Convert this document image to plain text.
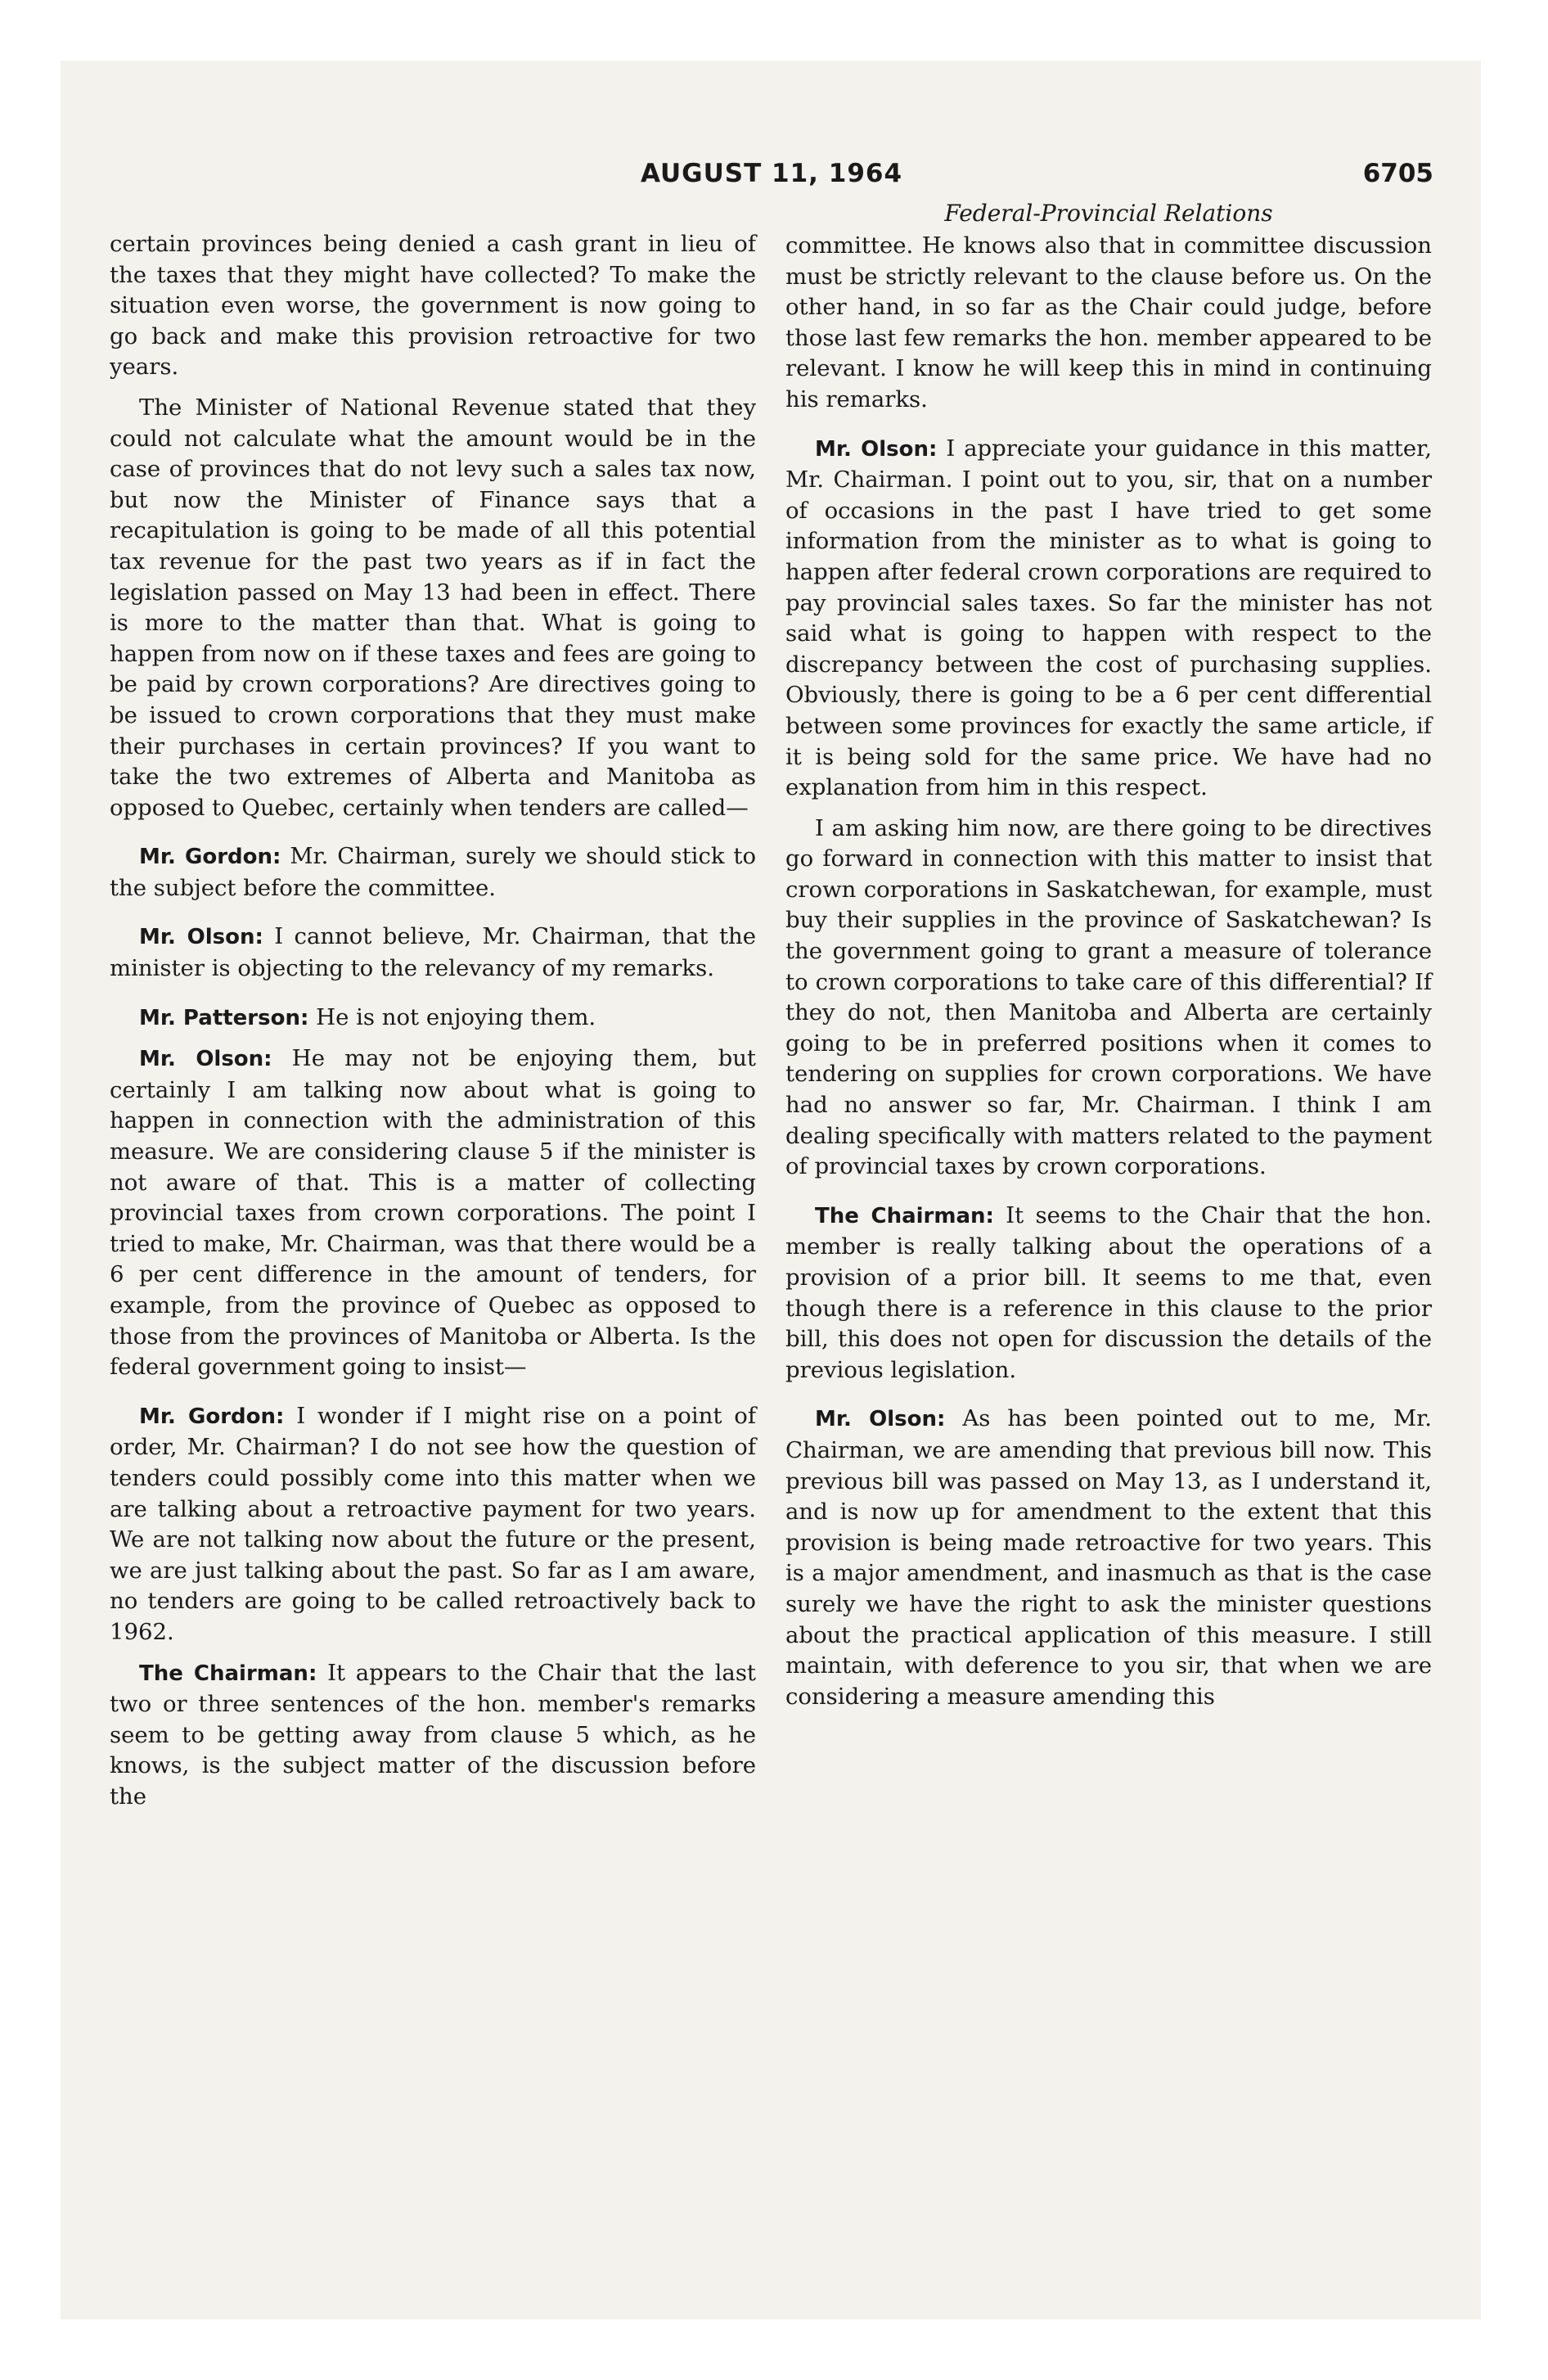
AUGUST 11, 1964	6705

certain provinces being denied a cash grant in lieu of the taxes that they might have collected? To make the situation even worse, the government is now going to go back and make this provision retroactive for two years.

The Minister of National Revenue stated that they could not calculate what the amount would be in the case of provinces that do not levy such a sales tax now, but now the Minister of Finance says that a recapitulation is going to be made of all this potential tax revenue for the past two years as if in fact the legislation passed on May 13 had been in effect. There is more to the matter than that. What is going to happen from now on if these taxes and fees are going to be paid by crown corporations? Are directives going to be issued to crown corporations that they must make their purchases in certain provinces? If you want to take the two extremes of Alberta and Manitoba as opposed to Quebec, certainly when tenders are called—

Mr. Gordon: Mr. Chairman, surely we should stick to the subject before the committee.

Mr. Olson: I cannot believe, Mr. Chairman, that the minister is objecting to the relevancy of my remarks.

Mr. Patterson: He is not enjoying them.

Mr. Olson: He may not be enjoying them, but certainly I am talking now about what is going to happen in connection with the administration of this measure. We are considering clause 5 if the minister is not aware of that. This is a matter of collecting provincial taxes from crown corporations. The point I tried to make, Mr. Chairman, was that there would be a 6 per cent difference in the amount of tenders, for example, from the province of Quebec as opposed to those from the provinces of Manitoba or Alberta. Is the federal government going to insist—

Mr. Gordon: I wonder if I might rise on a point of order, Mr. Chairman? I do not see how the question of tenders could possibly come into this matter when we are talking about a retroactive payment for two years. We are not talking now about the future or the present, we are just talking about the past. So far as I am aware, no tenders are going to be called retroactively back to 1962.

The Chairman: It appears to the Chair that the last two or three sentences of the hon. member's remarks seem to be getting away from clause 5 which, as he knows, is the subject matter of the discussion before the

Federal-Provincial Relations

committee. He knows also that in committee discussion must be strictly relevant to the clause before us. On the other hand, in so far as the Chair could judge, before those last few remarks the hon. member appeared to be relevant. I know he will keep this in mind in continuing his remarks.

Mr. Olson: I appreciate your guidance in this matter, Mr. Chairman. I point out to you, sir, that on a number of occasions in the past I have tried to get some information from the minister as to what is going to happen after federal crown corporations are required to pay provincial sales taxes. So far the minister has not said what is going to happen with respect to the discrepancy between the cost of purchasing supplies. Obviously, there is going to be a 6 per cent differential between some provinces for exactly the same article, if it is being sold for the same price. We have had no explanation from him in this respect.

I am asking him now, are there going to be directives go forward in connection with this matter to insist that crown corporations in Saskatchewan, for example, must buy their supplies in the province of Saskatchewan? Is the government going to grant a measure of tolerance to crown corporations to take care of this differential? If they do not, then Manitoba and Alberta are certainly going to be in preferred positions when it comes to tendering on supplies for crown corporations. We have had no answer so far, Mr. Chairman. I think I am dealing specifically with matters related to the payment of provincial taxes by crown corporations.

The Chairman: It seems to the Chair that the hon. member is really talking about the operations of a provision of a prior bill. It seems to me that, even though there is a reference in this clause to the prior bill, this does not open for discussion the details of the previous legislation.

Mr. Olson: As has been pointed out to me, Mr. Chairman, we are amending that previous bill now. This previous bill was passed on May 13, as I understand it, and is now up for amendment to the extent that this provision is being made retroactive for two years. This is a major amendment, and inasmuch as that is the case surely we have the right to ask the minister questions about the practical application of this measure. I still maintain, with deference to you sir, that when we are considering a measure amending this
